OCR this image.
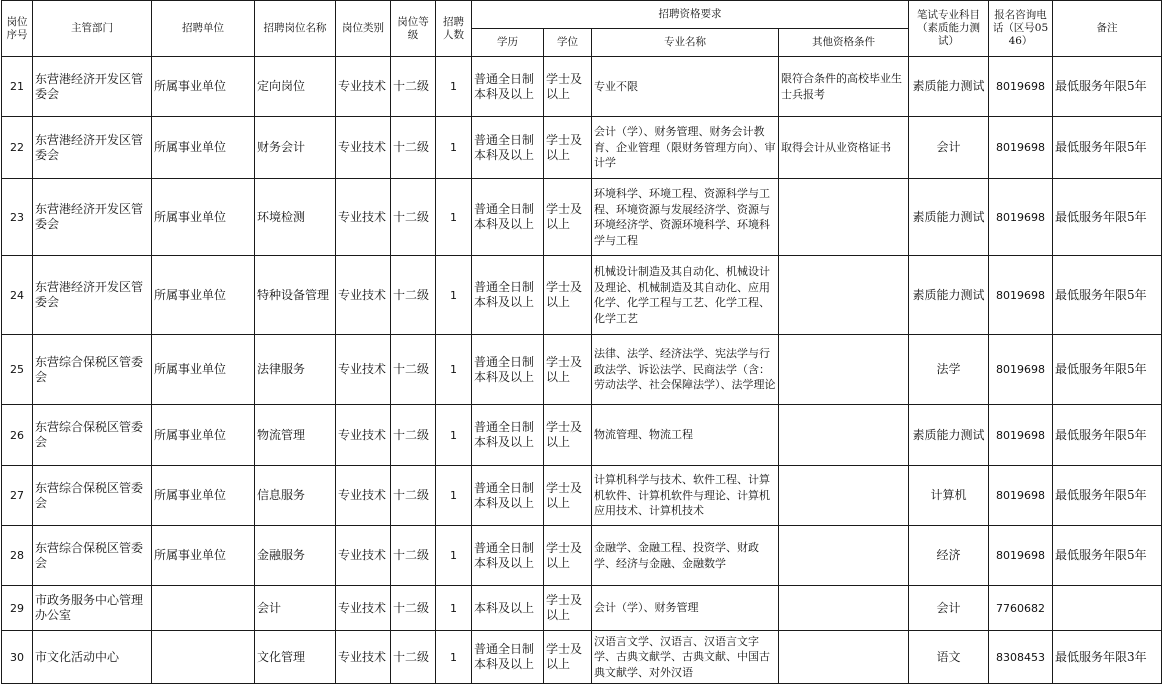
岗位序号	主管部门	招聘单位	招聘岗位名称	岗位类别	岗位等级	招聘人数	招聘资格要求				笔试专业科目（素质能力测试）	报名咨询电话（区号0546）	备注
							学历	学位	专业名称	其他资格条件			
21	东营港经济开发区管委会	所属事业单位	定向岗位	专业技术	十二级	1	普通全日制本科及以上	学士及以上	专业不限	限符合条件的高校毕业生士兵报考	素质能力测试	8019698	最低服务年限5年
22	东营港经济开发区管委会	所属事业单位	财务会计	专业技术	十二级	1	普通全日制本科及以上	学士及以上	会计（学）、财务管理、财务会计教育、企业管理（限财务管理方向）、审计学	取得会计从业资格证书	会计	8019698	最低服务年限5年
23	东营港经济开发区管委会	所属事业单位	环境检测	专业技术	十二级	1	普通全日制本科及以上	学士及以上	环境科学、环境工程、资源科学与工程、环境资源与发展经济学、资源与环境经济学、资源环境科学、环境科学与工程		素质能力测试	8019698	最低服务年限5年
24	东营港经济开发区管委会	所属事业单位	特种设备管理	专业技术	十二级	1	普通全日制本科及以上	学士及以上	机械设计制造及其自动化、机械设计及理论、机械制造及其自动化、应用化学、化学工程与工艺、化学工程、化学工艺		素质能力测试	8019698	最低服务年限5年
25	东营综合保税区管委会	所属事业单位	法律服务	专业技术	十二级	1	普通全日制本科及以上	学士及以上	法律、法学、经济法学、宪法学与行政法学、诉讼法学、民商法学（含：劳动法学、社会保障法学）、法学理论		法学	8019698	最低服务年限5年
26	东营综合保税区管委会	所属事业单位	物流管理	专业技术	十二级	1	普通全日制本科及以上	学士及以上	物流管理、物流工程		素质能力测试	8019698	最低服务年限5年
27	东营综合保税区管委会	所属事业单位	信息服务	专业技术	十二级	1	普通全日制本科及以上	学士及以上	计算机科学与技术、软件工程、计算机软件、计算机软件与理论、计算机应用技术、计算机技术		计算机	8019698	最低服务年限5年
28	东营综合保税区管委会	所属事业单位	金融服务	专业技术	十二级	1	普通全日制本科及以上	学士及以上	金融学、金融工程、投资学、财政学、经济与金融、金融数学		经济	8019698	最低服务年限5年
29	市政务服务中心管理办公室		会计	专业技术	十二级	1	本科及以上	学士及以上	会计（学）、财务管理		会计	7760682	
30	市文化活动中心		文化管理	专业技术	十二级	1	普通全日制本科及以上	学士及以上	汉语言文学、汉语言、汉语言文字学、古典文献学、古典文献、中国古典文献学、对外汉语		语文	8308453	最低服务年限3年
